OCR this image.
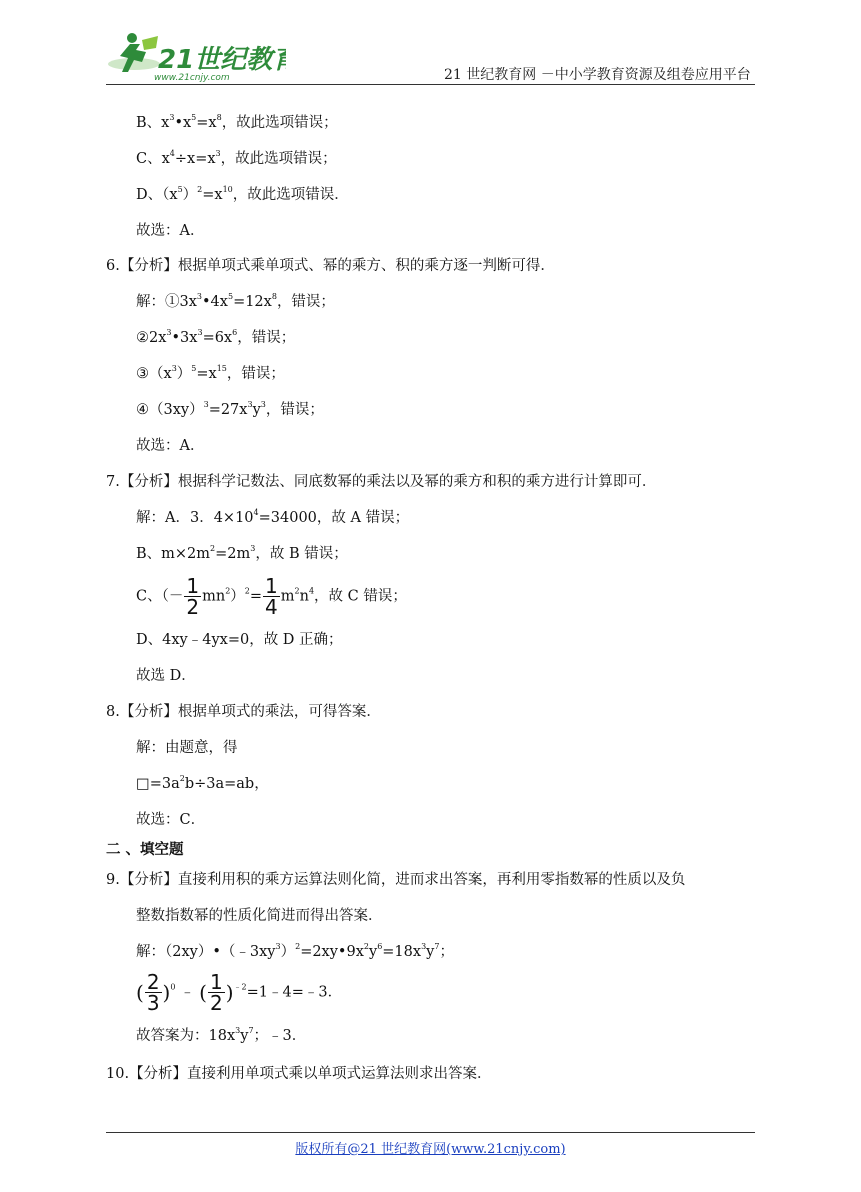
21世纪教育
www.21cnjy.com	21 世纪教育网 －中小学教育资源及组卷应用平台
B、$x^3•x^5=x^8$，故此选项错误；
C、$x^4\div x=x^3$，故此选项错误；
D、$(x^5)^2=x^{10}$，故此选项错误．
故选：A．
6.【分析】根据单项式乘单项式、幂的乘方、积的乘方逐一判断可得．
解：$①3x^3•4x^5=12x^8$，错误；
$②2x^3•3x^3=6x^6$，错误；
$③(x^3)^5=x^{15}$，错误；
$④(3xy)^3=27x^3y^3$，错误；
故选：A．
7.【分析】根据科学记数法、同底数幂的乘法以及幂的乘方和积的乘方进行计算即可．
解：A．3．$4\times 10^4=34000$，故 A 错误；
B、$m\times 2m^2=2m^3$，故 B 错误；
C、（－ $\frac{1}{2} mn^2)^2= \frac{1}{4} m^2n^4$，故 C 错误；
D、4xy﹣4yx=0，故 D 正确；
故选 D．
8.【分析】根据单项式的乘法，可得答案．
解：由题意，得
$□=3a^2b\div 3a=ab$，
故选：C．
二 、填空题
9.【分析】直接利用积的乘方运算法则化简，进而求出答案，再利用零指数幂的性质以及负
整数指数幂的性质化简进而得出答案．
解：$(2xy)•(﹣3xy^3)^2=2xy•9x^2y^6=18x^3y^7$；
( $\frac{2}{3} )^0$ ﹣ ( $\frac{1}{2}$ )$^{﹣2}$=1﹣4=﹣3．
故答案为：$18x^3y^7$；﹣3．
10.【分析】直接利用单项式乘以单项式运算法则求出答案．
版权所有@21 世纪教育网(www.21cnjy.com)
